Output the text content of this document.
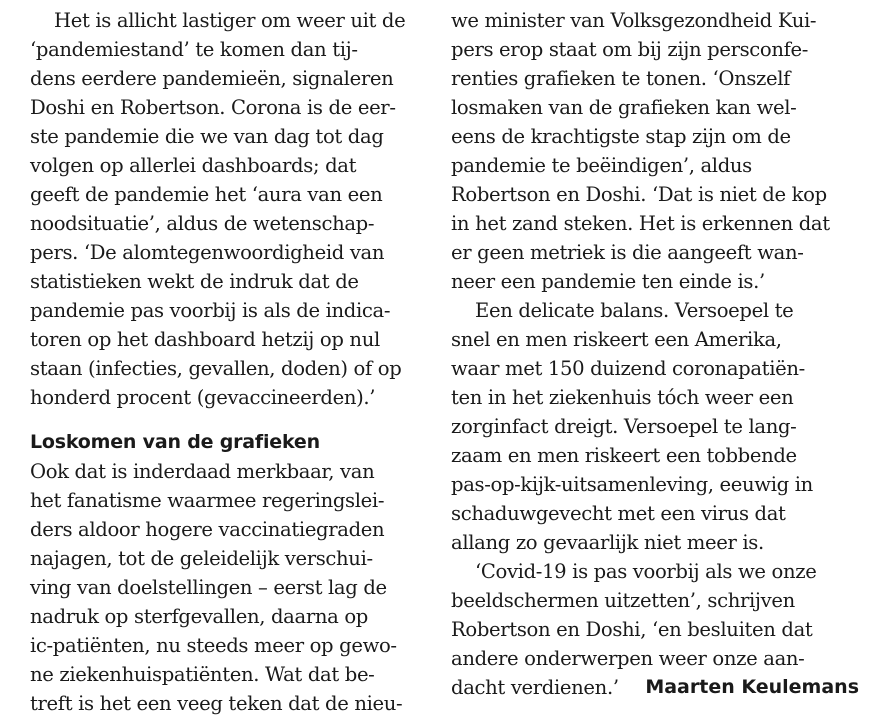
Het is allicht lastiger om weer uit de
‘pandemiestand’ te komen dan tij-
dens eerdere pandemieën, signaleren
Doshi en Robertson. Corona is de eer-
ste pandemie die we van dag tot dag
volgen op allerlei dashboards; dat
geeft de pandemie het ‘aura van een
noodsituatie’, aldus de wetenschap-
pers. ‘De alomtegenwoordigheid van
statistieken wekt de indruk dat de
pandemie pas voorbij is als de indica-
toren op het dashboard hetzij op nul
staan (infecties, gevallen, doden) of op
honderd procent (gevaccineerden).’
Loskomen van de grafieken
Ook dat is inderdaad merkbaar, van
het fanatisme waarmee regeringslei-
ders aldoor hogere vaccinatiegraden
najagen, tot de geleidelijk verschui-
ving van doelstellingen – eerst lag de
nadruk op sterfgevallen, daarna op
ic-patiënten, nu steeds meer op gewo-
ne ziekenhuispatiënten. Wat dat be-
treft is het een veeg teken dat de nieu-
we minister van Volksgezondheid Kui-
pers erop staat om bij zijn persconfe-
renties grafieken te tonen. ‘Onszelf
losmaken van de grafieken kan wel-
eens de krachtigste stap zijn om de
pandemie te beëindigen’, aldus
Robertson en Doshi. ‘Dat is niet de kop
in het zand steken. Het is erkennen dat
er geen metriek is die aangeeft wan-
neer een pandemie ten einde is.’
Een delicate balans. Versoepel te
snel en men riskeert een Amerika,
waar met 150 duizend coronapatiën-
ten in het ziekenhuis tóch weer een
zorginfact dreigt. Versoepel te lang-
zaam en men riskeert een tobbende
pas-op-kijk-uitsamenleving, eeuwig in
schaduwgevecht met een virus dat
allang zo gevaarlijk niet meer is.
‘Covid-19 is pas voorbij als we onze
beeldschermen uitzetten’, schrijven
Robertson en Doshi, ‘en besluiten dat
andere onderwerpen weer onze aan-
dacht verdienen.’	Maarten Keulemans
